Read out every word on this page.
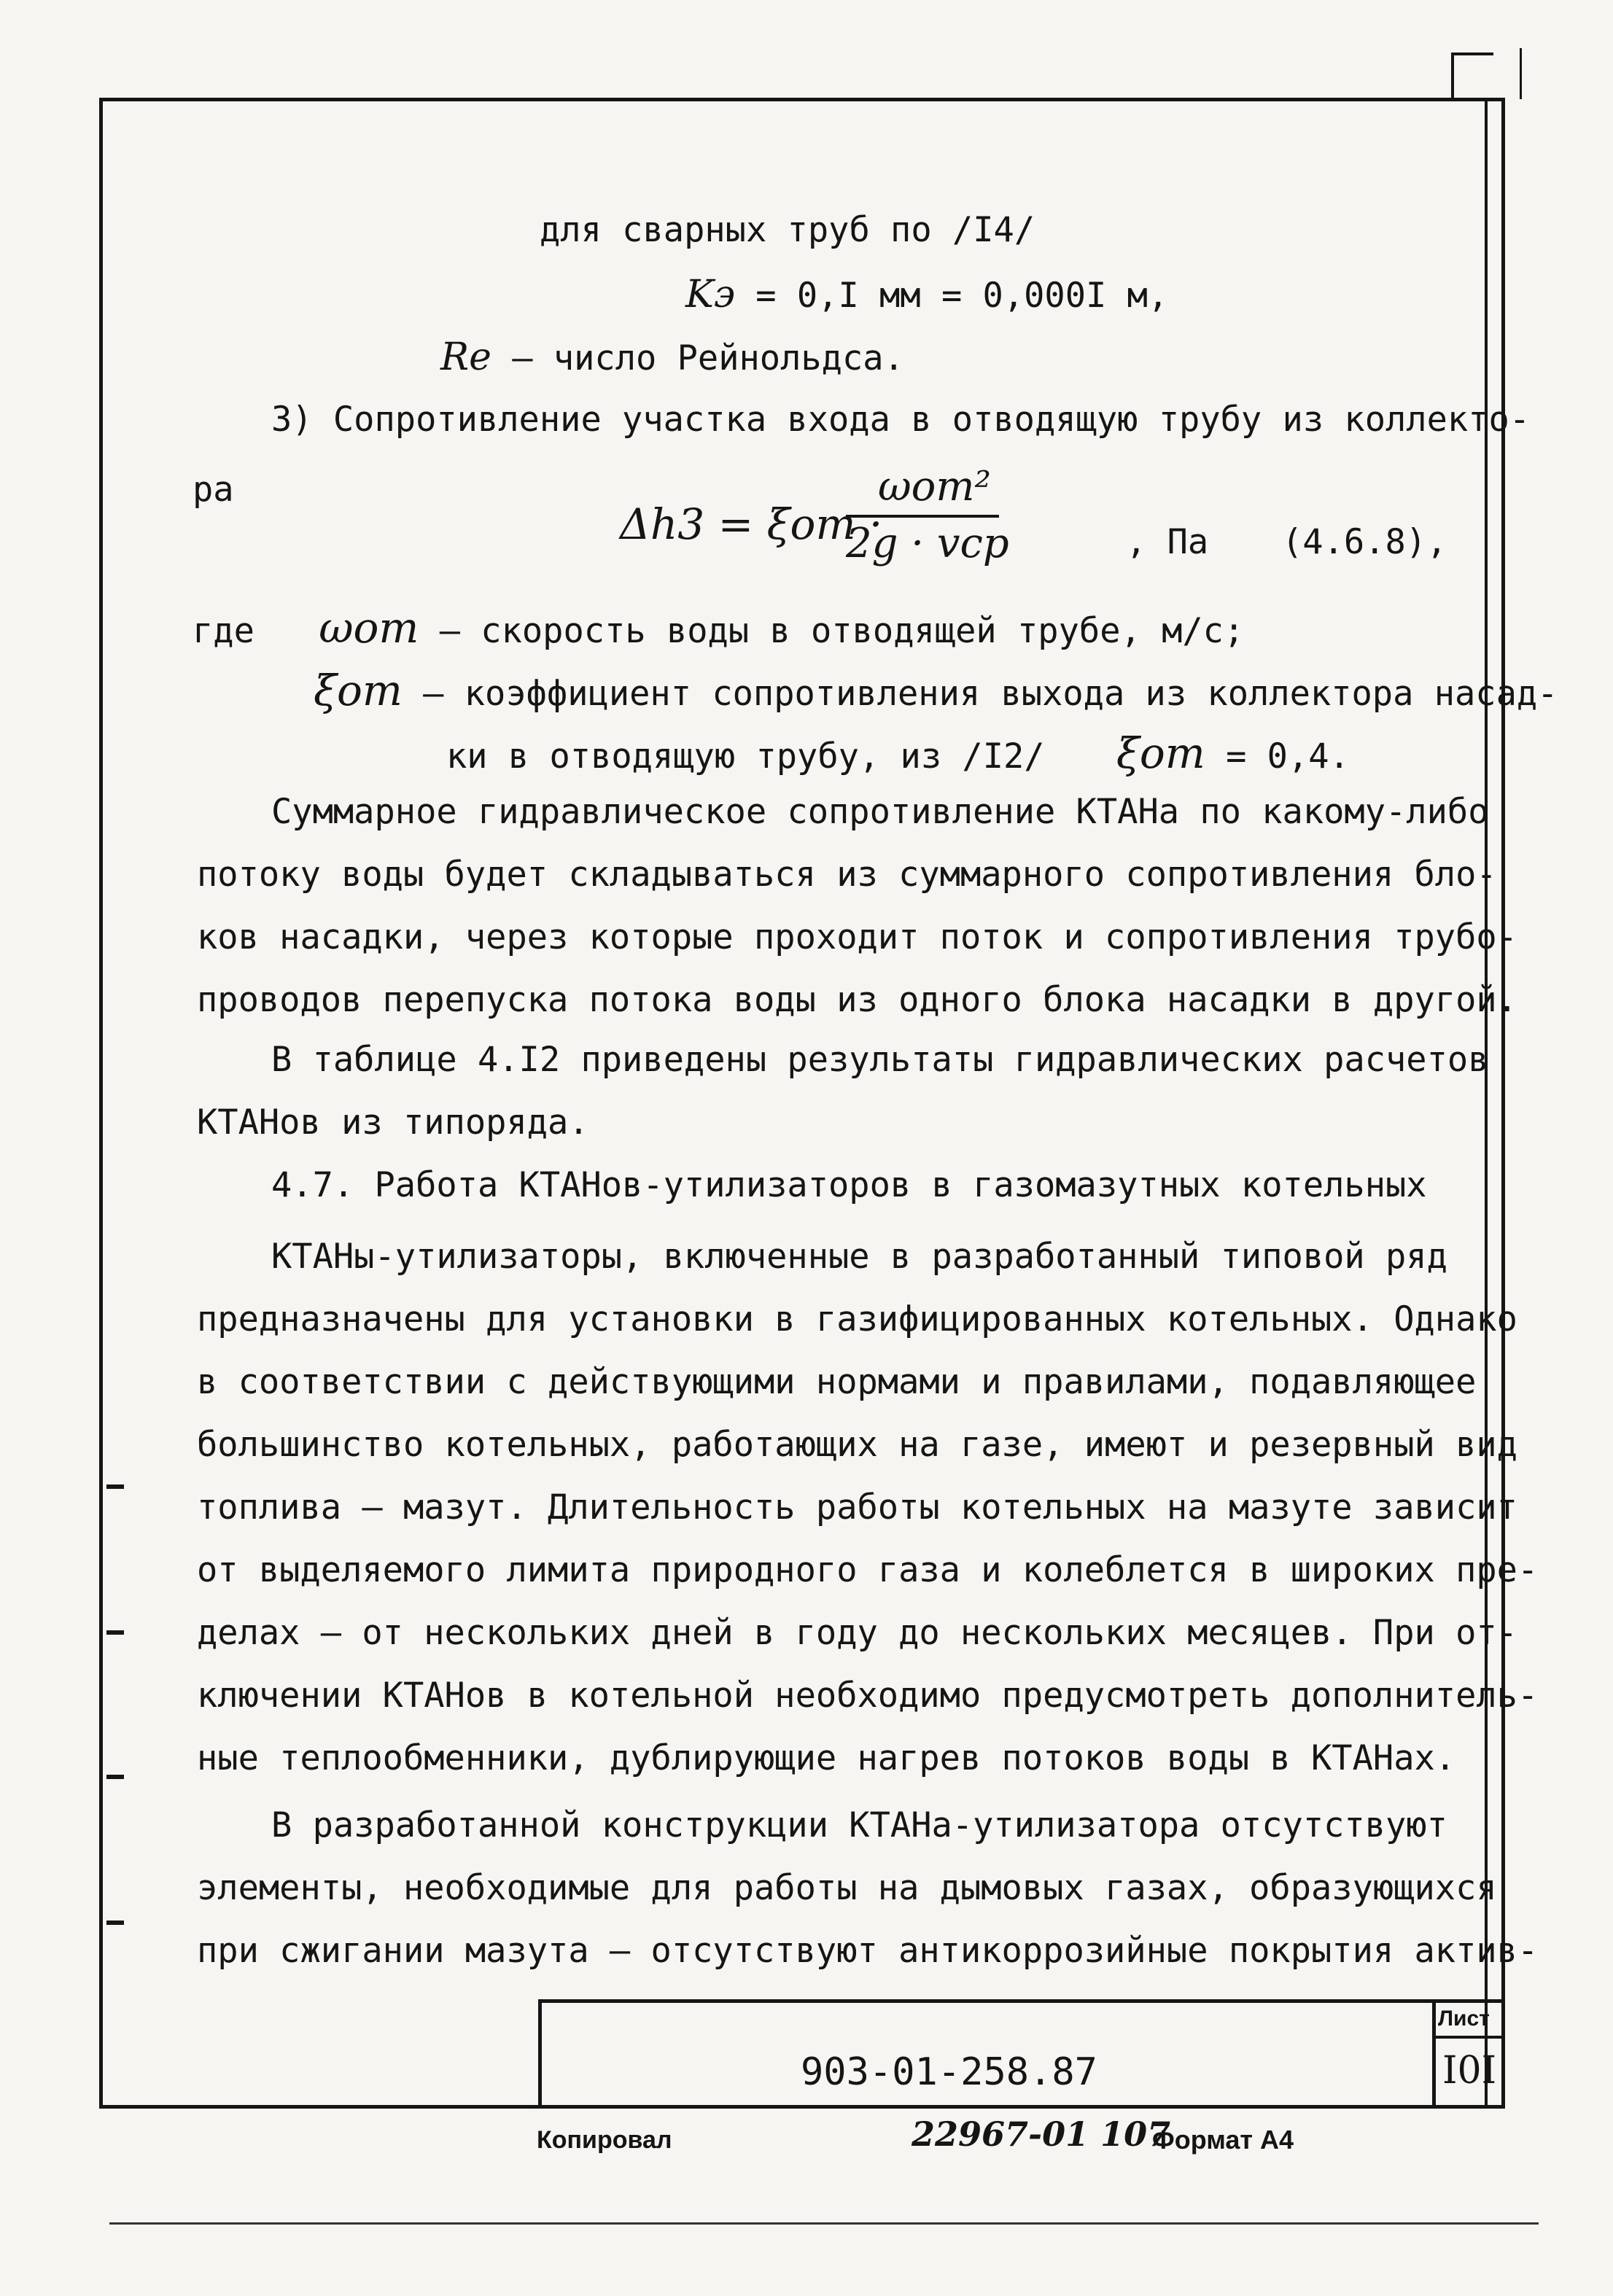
для сварных труб по /I4/
Kэ = 0,I мм = 0,000I м,
Re – число Рейнольдса.
3) Сопротивление участка входа в отводящую трубу из коллекто-
ра
Δh3 = ξот ·
ωот²
2g · vср	, Па (4.6.8),
где ωот – скорость воды в отводящей трубе, м/с;
ξот – коэффициент сопротивления выхода из коллектора насад-
ки в отводящую трубу, из /I2/ ξот = 0,4.
Суммарное гидравлическое сопротивление КТАНа по какому-либо
потоку воды будет складываться из суммарного сопротивления бло-
ков насадки, через которые проходит поток и сопротивления трубо-
проводов перепуска потока воды из одного блока насадки в другой.
В таблице 4.I2 приведены результаты гидравлических расчетов
КТАНов из типоряда.
4.7. Работа КТАНов-утилизаторов в газомазутных котельных
КТАНы-утилизаторы, включенные в разработанный типовой ряд
предназначены для установки в газифицированных котельных. Однако
в соответствии с действующими нормами и правилами, подавляющее
большинство котельных, работающих на газе, имеют и резервный вид
топлива – мазут. Длительность работы котельных на мазуте зависит
от выделяемого лимита природного газа и колеблется в широких пре-
делах – от нескольких дней в году до нескольких месяцев. При от-
ключении КТАНов в котельной необходимо предусмотреть дополнитель-
ные теплообменники, дублирующие нагрев потоков воды в КТАНах.
В разработанной конструкции КТАНа-утилизатора отсутствуют
элементы, необходимые для работы на дымовых газах, образующихся
при сжигании мазута – отсутствуют антикоррозийные покрытия актив-
Лист
I0I
903-01-258.87
Копировал	22967-01 107
Формат А4
